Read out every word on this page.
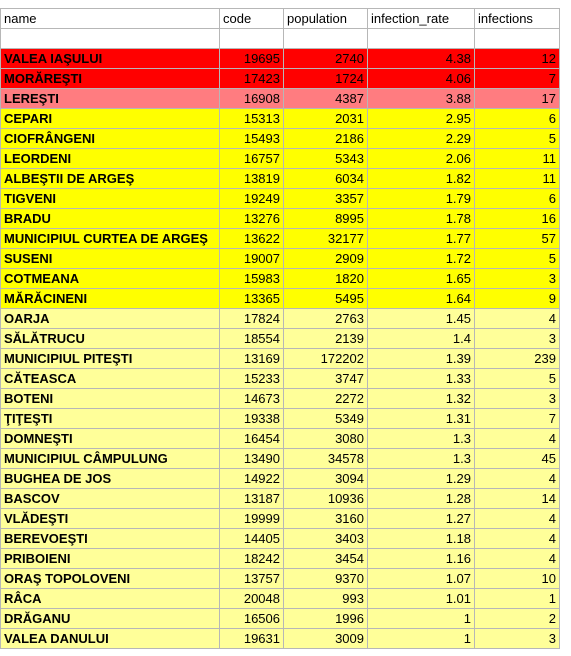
name	code	population	infection_rate	infections

VALEA IAŞULUI	19695	2740	4.38	12
MORĂREŞTI	17423	1724	4.06	7
LEREŞTI	16908	4387	3.88	17
CEPARI	15313	2031	2.95	6
CIOFRÂNGENI	15493	2186	2.29	5
LEORDENI	16757	5343	2.06	11
ALBEŞTII DE ARGEŞ	13819	6034	1.82	11
TIGVENI	19249	3357	1.79	6
BRADU	13276	8995	1.78	16
MUNICIPIUL CURTEA DE ARGEŞ	13622	32177	1.77	57
SUSENI	19007	2909	1.72	5
COTMEANA	15983	1820	1.65	3
MĂRĂCINENI	13365	5495	1.64	9
OARJA	17824	2763	1.45	4
SĂLĂTRUCU	18554	2139	1.4	3
MUNICIPIUL PITEŞTI	13169	172202	1.39	239
CĂTEASCA	15233	3747	1.33	5
BOTENI	14673	2272	1.32	3
ŢIŢEŞTI	19338	5349	1.31	7
DOMNEŞTI	16454	3080	1.3	4
MUNICIPIUL CÂMPULUNG	13490	34578	1.3	45
BUGHEA DE JOS	14922	3094	1.29	4
BASCOV	13187	10936	1.28	14
VLĂDEŞTI	19999	3160	1.27	4
BEREVOEŞTI	14405	3403	1.18	4
PRIBOIENI	18242	3454	1.16	4
ORAŞ TOPOLOVENI	13757	9370	1.07	10
RÂCA	20048	993	1.01	1
DRĂGANU	16506	1996	1	2
VALEA DANULUI	19631	3009	1	3
